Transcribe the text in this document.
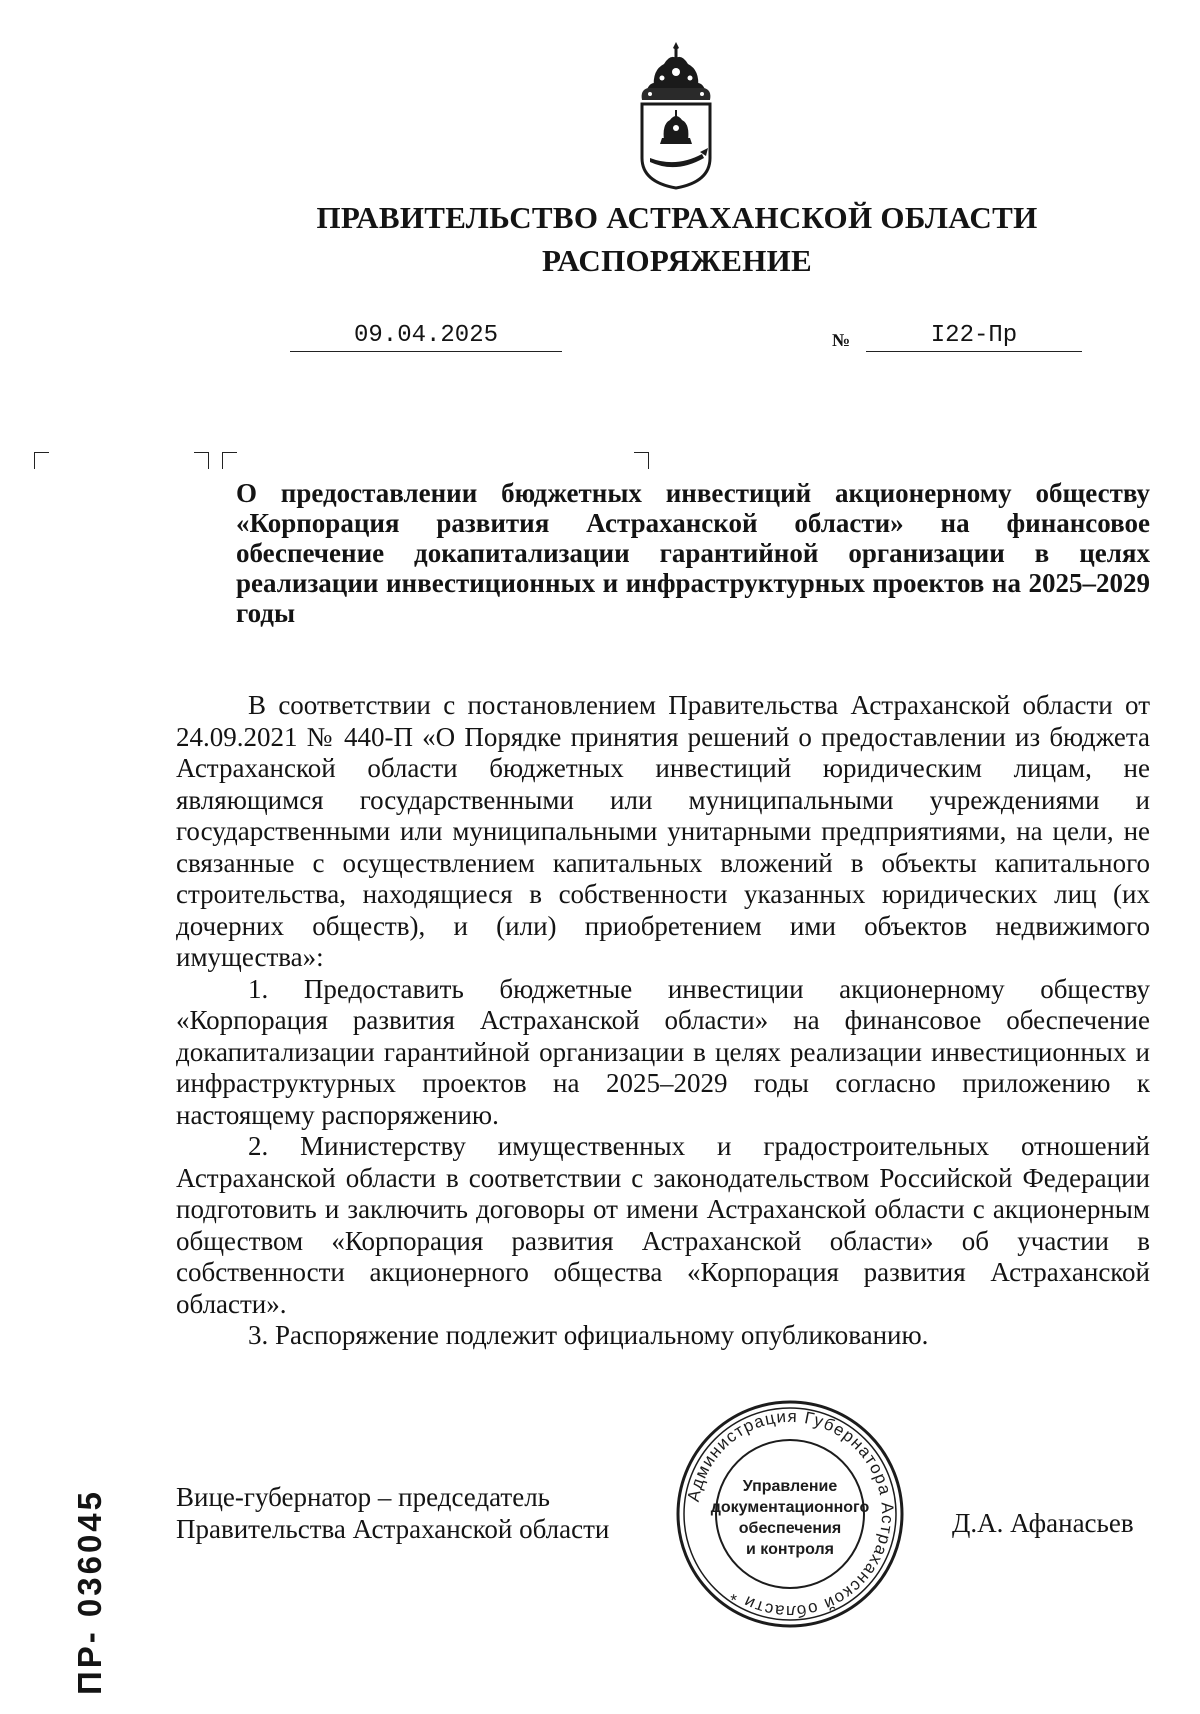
ПРАВИТЕЛЬСТВО АСТРАХАНСКОЙ ОБЛАСТИ
РАСПОРЯЖЕНИЕ
09.04.2025	№	I22-Пр
О предоставлении бюджетных инвестиций акционерному обществу «Корпорация развития Астраханской области» на финансовое обеспечение докапитализации гарантийной организации в целях реализации инвестиционных и инфраструктурных проектов на 2025–2029 годы

В соответствии с постановлением Правительства Астраханской области от 24.09.2021 № 440-П «О Порядке принятия решений о предоставлении из бюджета Астраханской области бюджетных инвестиций юридическим лицам, не являющимся государственными или муниципальными учреждениями и государственными или муниципальными унитарными предприятиями, на цели, не связанные с осуществлением капитальных вложений в объекты капитального строительства, находящиеся в собственности указанных юридических лиц (их дочерних обществ), и (или) приобретением ими объектов недвижимого имущества»:

1. Предоставить бюджетные инвестиции акционерному обществу «Корпорация развития Астраханской области» на финансовое обеспечение докапитализации гарантийной организации в целях реализации инвестиционных и инфраструктурных проектов на 2025–2029 годы согласно приложению к настоящему распоряжению.

2. Министерству имущественных и градостроительных отношений Астраханской области в соответствии с законодательством Российской Федерации подготовить и заключить договоры от имени Астраханской области с акционерным обществом «Корпорация развития Астраханской области» об участии в собственности акционерного общества «Корпорация развития Астраханской области».

3. Распоряжение подлежит официальному опубликованию.

Вице-губернатор – председатель
Правительства Астраханской области
Администрация Губернатора Астраханской области *
Управление
документационного
обеспечения
и контроля
Д.А. Афанасьев
ПР- 036045
